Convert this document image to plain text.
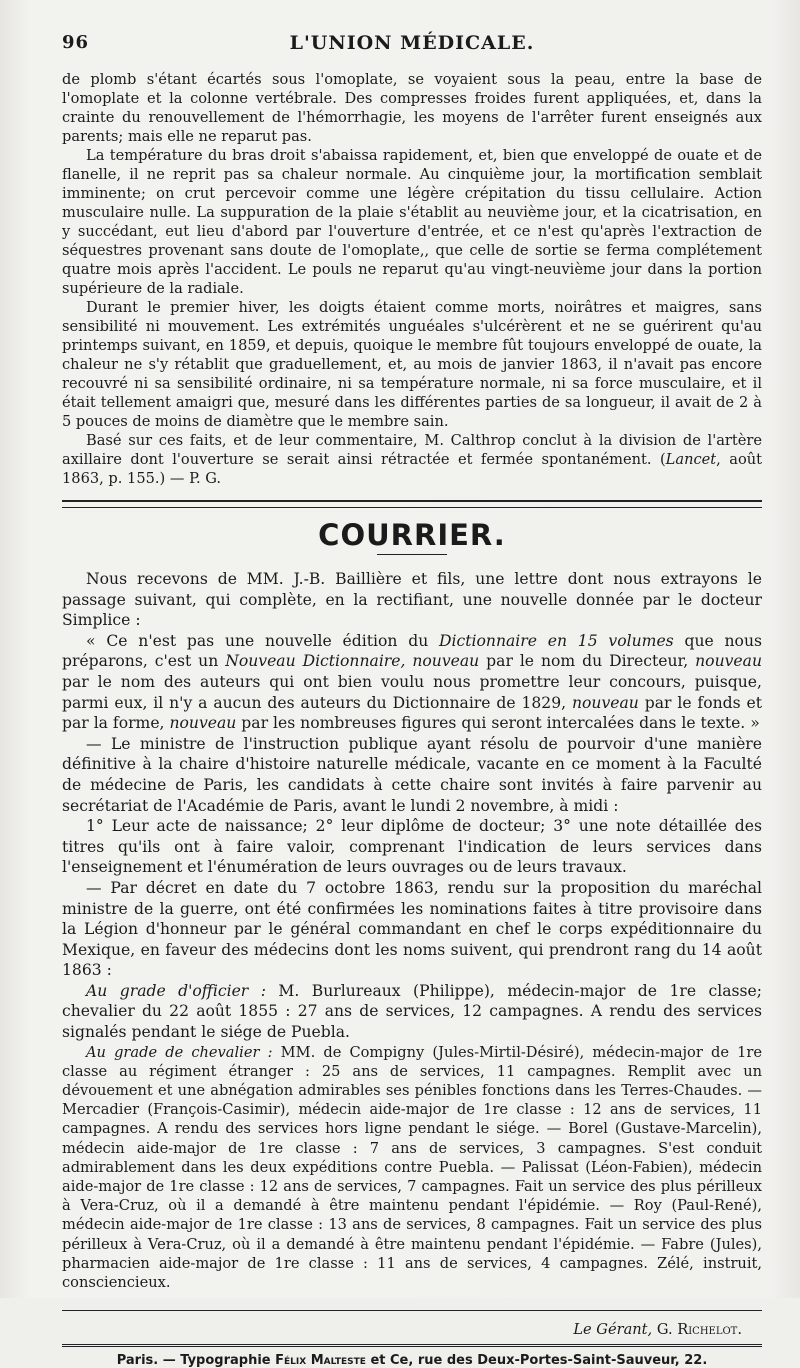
96	L'UNION MÉDICALE.

de plomb s'étant écartés sous l'omoplate, se voyaient sous la peau, entre la base de l'omoplate et la colonne vertébrale. Des compresses froides furent appliquées, et, dans la crainte du renouvellement de l'hémorrhagie, les moyens de l'arrêter furent enseignés aux parents; mais elle ne reparut pas.

La température du bras droit s'abaissa rapidement, et, bien que enveloppé de ouate et de flanelle, il ne reprit pas sa chaleur normale. Au cinquième jour, la mortification semblait imminente; on crut percevoir comme une légère crépitation du tissu cellulaire. Action musculaire nulle. La suppuration de la plaie s'établit au neuvième jour, et la cicatrisation, en y succédant, eut lieu d'abord par l'ouverture d'entrée, et ce n'est qu'après l'extraction de séquestres provenant sans doute de l'omoplate,, que celle de sortie se ferma complétement quatre mois après l'accident. Le pouls ne reparut qu'au vingt-neuvième jour dans la portion supérieure de la radiale.

Durant le premier hiver, les doigts étaient comme morts, noirâtres et maigres, sans sensibilité ni mouvement. Les extrémités unguéales s'ulcérèrent et ne se guérirent qu'au printemps suivant, en 1859, et depuis, quoique le membre fût toujours enveloppé de ouate, la chaleur ne s'y rétablit que graduellement, et, au mois de janvier 1863, il n'avait pas encore recouvré ni sa sensibilité ordinaire, ni sa température normale, ni sa force musculaire, et il était tellement amaigri que, mesuré dans les différentes parties de sa longueur, il avait de 2 à 5 pouces de moins de diamètre que le membre sain.

Basé sur ces faits, et de leur commentaire, M. Calthrop conclut à la division de l'artère axillaire dont l'ouverture se serait ainsi rétractée et fermée spontanément. (Lancet, août 1863, p. 155.) — P. G.

COURRIER.

Nous recevons de MM. J.-B. Baillière et fils, une lettre dont nous extrayons le passage suivant, qui complète, en la rectifiant, une nouvelle donnée par le docteur Simplice :

« Ce n'est pas une nouvelle édition du Dictionnaire en 15 volumes que nous préparons, c'est un Nouveau Dictionnaire, nouveau par le nom du Directeur, nouveau par le nom des auteurs qui ont bien voulu nous promettre leur concours, puisque, parmi eux, il n'y a aucun des auteurs du Dictionnaire de 1829, nouveau par le fonds et par la forme, nouveau par les nombreuses figures qui seront intercalées dans le texte. »

— Le ministre de l'instruction publique ayant résolu de pourvoir d'une manière définitive à la chaire d'histoire naturelle médicale, vacante en ce moment à la Faculté de médecine de Paris, les candidats à cette chaire sont invités à faire parvenir au secrétariat de l'Académie de Paris, avant le lundi 2 novembre, à midi :

1° Leur acte de naissance; 2° leur diplôme de docteur; 3° une note détaillée des titres qu'ils ont à faire valoir, comprenant l'indication de leurs services dans l'enseignement et l'énumération de leurs ouvrages ou de leurs travaux.

— Par décret en date du 7 octobre 1863, rendu sur la proposition du maréchal ministre de la guerre, ont été confirmées les nominations faites à titre provisoire dans la Légion d'honneur par le général commandant en chef le corps expéditionnaire du Mexique, en faveur des médecins dont les noms suivent, qui prendront rang du 14 août 1863 :

Au grade d'officier : M. Burlureaux (Philippe), médecin-major de 1re classe; chevalier du 22 août 1855 : 27 ans de services, 12 campagnes. A rendu des services signalés pendant le siége de Puebla.

Au grade de chevalier : MM. de Compigny (Jules-Mirtil-Désiré), médecin-major de 1re classe au régiment étranger : 25 ans de services, 11 campagnes. Remplit avec un dévouement et une abnégation admirables ses pénibles fonctions dans les Terres-Chaudes. — Mercadier (François-Casimir), médecin aide-major de 1re classe : 12 ans de services, 11 campagnes. A rendu des services hors ligne pendant le siége. — Borel (Gustave-Marcelin), médecin aide-major de 1re classe : 7 ans de services, 3 campagnes. S'est conduit admirablement dans les deux expéditions contre Puebla. — Palissat (Léon-Fabien), médecin aide-major de 1re classe : 12 ans de services, 7 campagnes. Fait un service des plus périlleux à Vera-Cruz, où il a demandé à être maintenu pendant l'épidémie. — Roy (Paul-René), médecin aide-major de 1re classe : 13 ans de services, 8 campagnes. Fait un service des plus périlleux à Vera-Cruz, où il a demandé à être maintenu pendant l'épidémie. — Fabre (Jules), pharmacien aide-major de 1re classe : 11 ans de services, 4 campagnes. Zélé, instruit, consciencieux.

Le Gérant, G. Richelot.
Paris. — Typographie Félix Malteste et Ce, rue des Deux-Portes-Saint-Sauveur, 22.
